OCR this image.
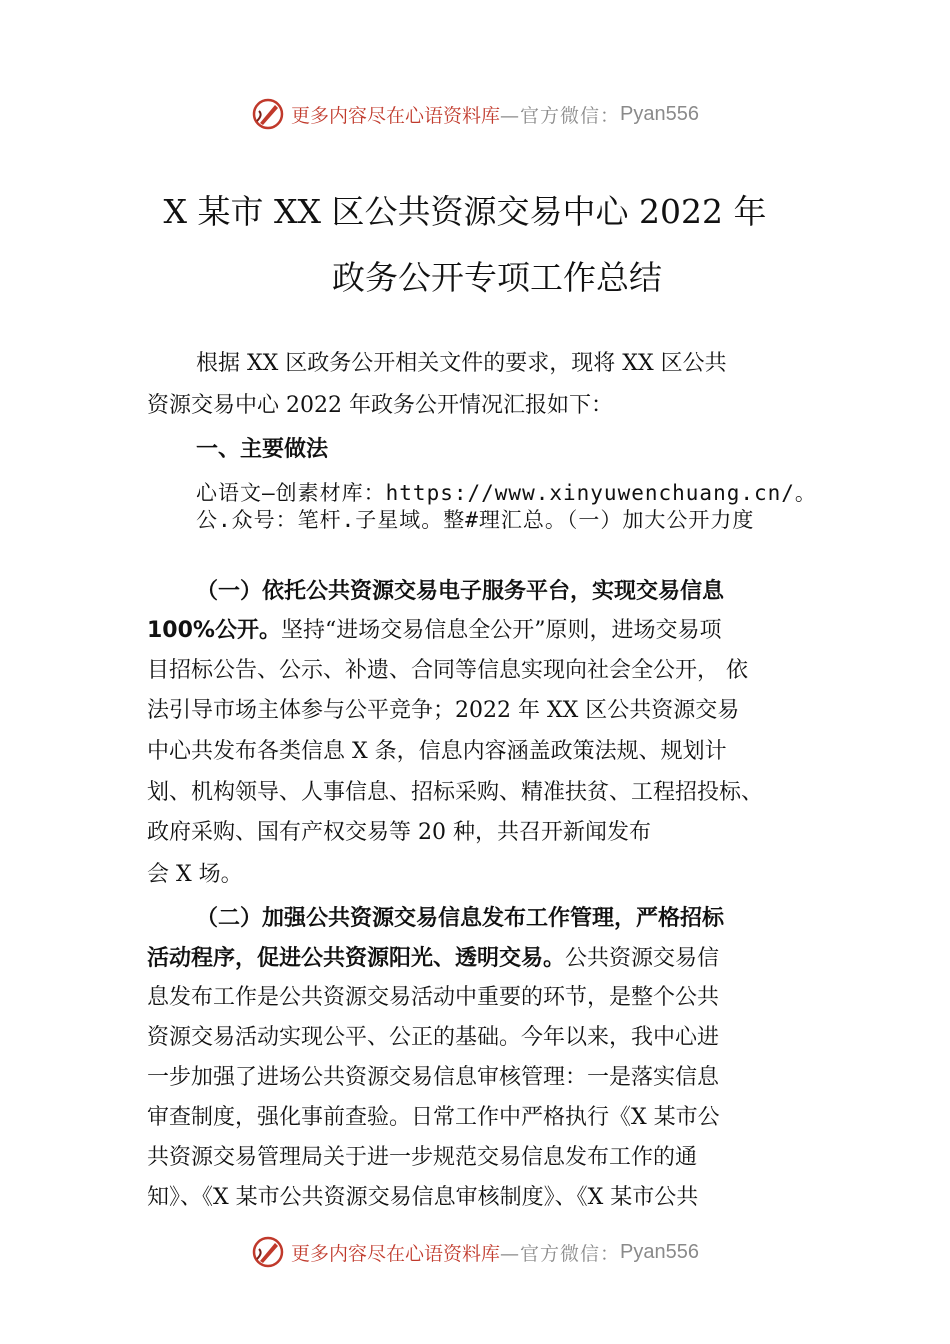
更多内容尽在心语资料库 —官方微信： Pyan556
X 某市 XX 区公共资源交易中心 2022 年
政务公开专项工作总结
根据 XX 区政务公开相关文件的要求，现将 XX 区公共
资源交易中心 2022 年政务公开情况汇报如下：
一、主要做法
心语文—创素材库：https://www.xinyuwenchuang.cn/。公.众号：笔杆.子星域。整#理汇总。（一）加大公开力度
（一）依托公共资源交易电子服务平台，实现交易信息
100%公开。坚持“进场交易信息全公开”原则，进场交易项
目招标公告、公示、补遗、合同等信息实现向社会全公开， 依
法引导市场主体参与公平竞争；2022 年 XX 区公共资源交易
中心共发布各类信息 X 条，信息内容涵盖政策法规、规划计
划、机构领导、人事信息、招标采购、精准扶贫、工程招投标、
政府采购、国有产权交易等 20 种，共召开新闻发布
会 X 场。
（二）加强公共资源交易信息发布工作管理，严格招标
活动程序，促进公共资源阳光、透明交易。公共资源交易信
息发布工作是公共资源交易活动中重要的环节，是整个公共
资源交易活动实现公平、公正的基础。今年以来，我中心进
一步加强了进场公共资源交易信息审核管理：一是落实信息
审查制度，强化事前查验。日常工作中严格执行《X 某市公
共资源交易管理局关于进一步规范交易信息发布工作的通
知》、《X 某市公共资源交易信息审核制度》、《X 某市公共
更多内容尽在心语资料库 —官方微信： Pyan556
